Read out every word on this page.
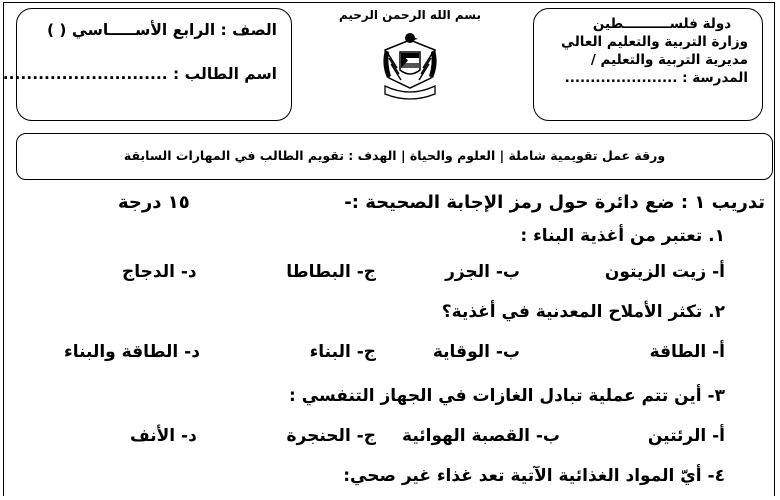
دولة فلســــــــــطين
وزارة التربية والتعليم العالي
مديرية التربية والتعليم /
المدرسة : ......................
بسم الله الرحمن الرحيم
الصف : الرابع الأســـــاسي ( )
اسم الطالب : ............................
ورقة عمل تقويمية شاملة | العلوم والحياة | الهدف : تقويم الطالب في المهارات السابقة
تدريب ١ : ضع دائرة حول رمز الإجابة الصحيحة :-
١٥ درجة
١. تعتبر من أغذية البناء :
أ- زيت الزيتون
ب- الجزر
ج- البطاطا
د- الدجاج
٢. تكثر الأملاح المعدنية في أغذية؟
أ- الطاقة
ب- الوقاية
ج- البناء
د- الطاقة والبناء
٣- أين تتم عملية تبادل الغازات في الجهاز التنفسي :
أ- الرئتين
ب- القصبة الهوائية
ج- الحنجرة
د- الأنف
٤- أيّ المواد الغذائية الآتية تعد غذاء غير صحي:
